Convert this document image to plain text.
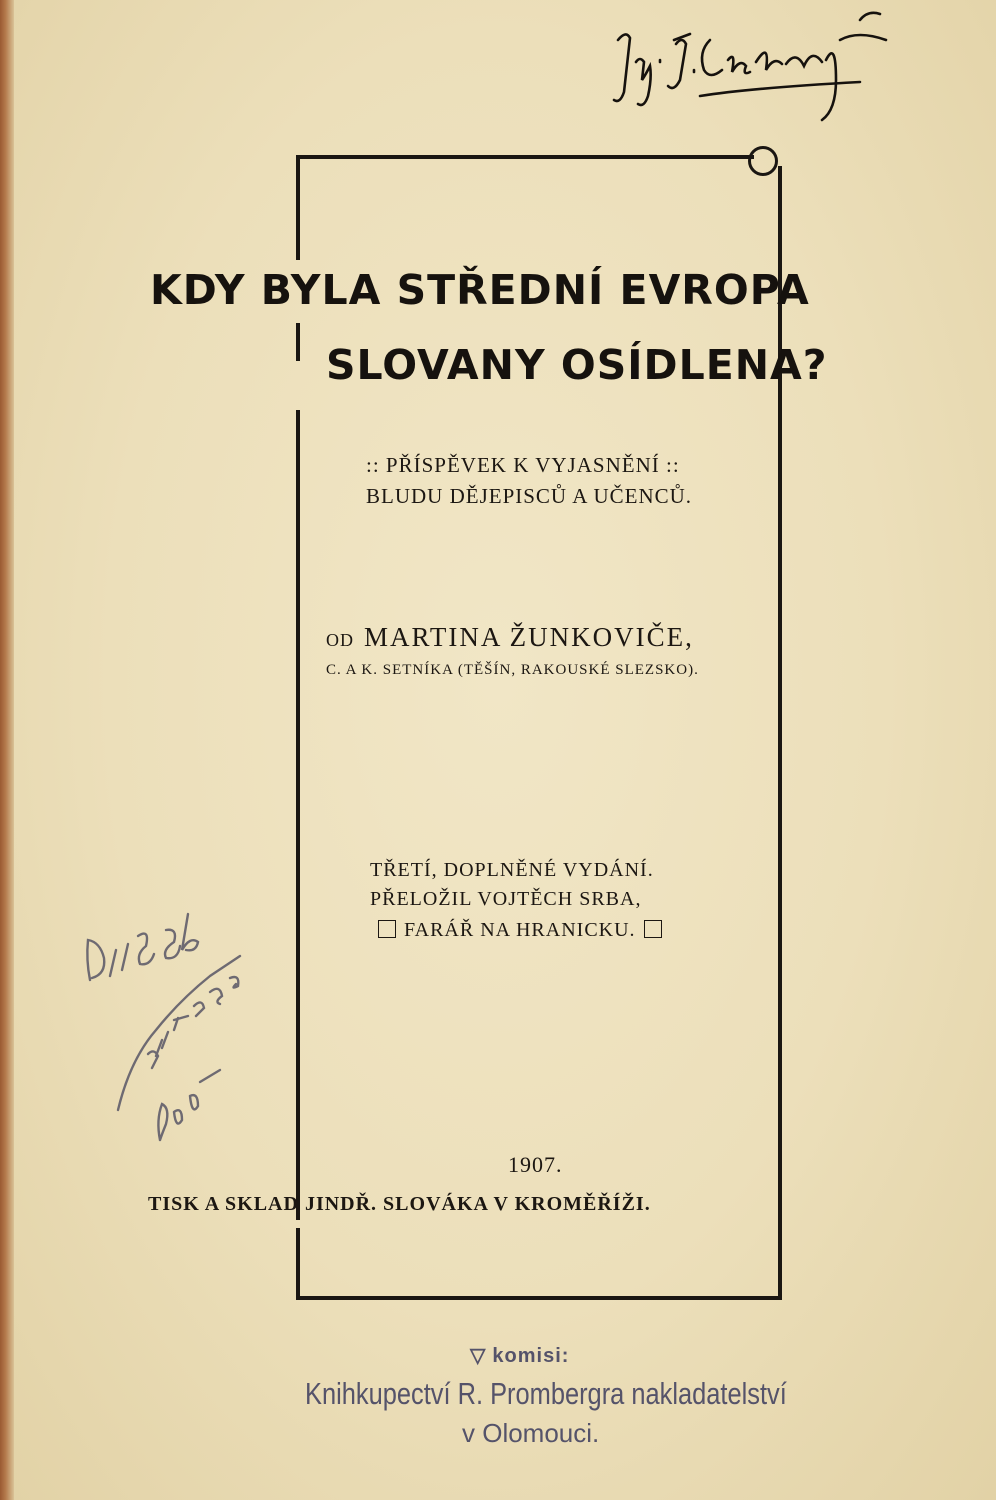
KDY BYLA STŘEDNÍ EVROPA
SLOVANY OSÍDLENA?
:: PŘÍSPĚVEK K VYJASNĚNÍ ::
BLUDU DĚJEPISCŮ A UČENCŮ.
OD MARTINA ŽUNKOVIČE,
C. A K. SETNÍKA (TĚŠÍN, RAKOUSKÉ SLEZSKO).
TŘETÍ, DOPLNĚNÉ VYDÁNÍ.
PŘELOŽIL VOJTĚCH SRBA,
FARÁŘ NA HRANICKU.
1907.
TISK A SKLAD JINDŘ. SLOVÁKA V KROMĚŘÍŽI.
▽ komisi:
Knihkupectví R. Prombergra nakladatelství
v Olomouci.
